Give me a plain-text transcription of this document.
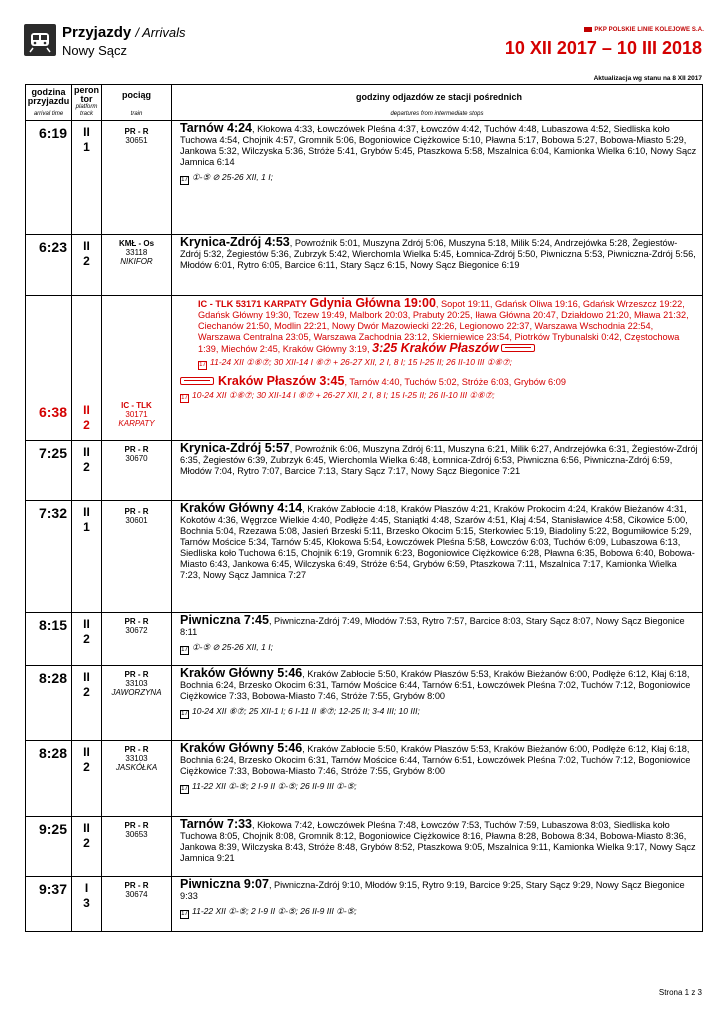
Przyjazdy / Arrivals
Nowy Sącz
PKP POLSKIE LINIE KOLEJOWE S.A.
10 XII 2017 – 10 III 2018
Aktualizacja wg stanu na 8 XII 2017
godzina przyjazdu
arrival time
peron tor
platform track
pociąg
train
godziny odjazdów ze stacji pośrednich
departures from intermediate stops
6:19	II
1
PR - R
30651
Tarnów 4:24, Kłokowa 4:33, Łowczówek Pleśna 4:37, Łowczów 4:42, Tuchów 4:48, Lubaszowa 4:52, Siedliska koło Tuchowa 4:54, Chojnik 4:57, Gromnik 5:06, Bogoniowice Ciężkowice 5:10, Pławna 5:17, Bobowa 5:27, Bobowa-Miasto 5:29, Jankowa 5:32, Wilczyska 5:36, Stróże 5:41, Grybów 5:45, Ptaszkowa 5:58, Mszalnica 6:04, Kamionka Wielka 6:10, Nowy Sącz Jamnica 6:14
17 ①-⑤ ⊘ 25-26 XII, 1 I;
6:23	II
2
KMŁ - Os
33118
NIKIFOR
Krynica-Zdrój 4:53, Powroźnik 5:01, Muszyna Zdrój 5:06, Muszyna 5:18, Milik 5:24, Andrzejówka 5:28, Żegiestów-Zdrój 5:32, Żegiestów 5:36, Zubrzyk 5:42, Wierchomla Wielka 5:45, Łomnica-Zdrój 5:50, Piwniczna 5:53, Piwniczna-Zdrój 5:56, Młodów 6:01, Rytro 6:05, Barcice 6:11, Stary Sącz 6:15, Nowy Sącz Biegonice 6:19
6:38	II
2
IC - TLK
30171
KARPATY
IC - TLK 53171 KARPATY Gdynia Główna 19:00, Sopot 19:11, Gdańsk Oliwa 19:16, Gdańsk Wrzeszcz 19:22, Gdańsk Główny 19:30, Tczew 19:49, Malbork 20:03, Prabuty 20:25, Iława Główna 20:47, Działdowo 21:20, Mława 21:32, Ciechanów 21:50, Modlin 22:21, Nowy Dwór Mazowiecki 22:26, Legionowo 22:37, Warszawa Wschodnia 22:54, Warszawa Centralna 23:05, Warszawa Zachodnia 23:12, Skierniewice 23:54, Piotrków Trybunalski 0:42, Częstochowa 1:39, Miechów 2:45, Kraków Główny 3:19, 3:25 Kraków Płaszów
17 11-24 XII ①⑥⑦; 30 XII-14 I ⑥⑦ + 26-27 XII, 2 I, 8 I; 15 I-25 II; 26 II-10 III ①⑥⑦;
Kraków Płaszów 3:45, Tarnów 4:40, Tuchów 5:02, Stróże 6:03, Grybów 6:09
17 10-24 XII ①⑥⑦; 30 XII-14 I ⑥⑦ + 26-27 XII, 2 I, 8 I; 15 I-25 II; 26 II-10 III ①⑥⑦;
7:25	II
2
PR - R
30670
Krynica-Zdrój 5:57, Powroźnik 6:06, Muszyna Zdrój 6:11, Muszyna 6:21, Milik 6:27, Andrzejówka 6:31, Żegiestów-Zdrój 6:35, Żegiestów 6:39, Zubrzyk 6:45, Wierchomla Wielka 6:48, Łomnica-Zdrój 6:53, Piwniczna 6:56, Piwniczna-Zdrój 6:59, Młodów 7:04, Rytro 7:07, Barcice 7:13, Stary Sącz 7:17, Nowy Sącz Biegonice 7:21
7:32	II
1
PR - R
30601
Kraków Główny 4:14, Kraków Zabłocie 4:18, Kraków Płaszów 4:21, Kraków Prokocim 4:24, Kraków Bieżanów 4:31, Kokotów 4:36, Węgrzce Wielkie 4:40, Podłęże 4:45, Staniątki 4:48, Szarów 4:51, Kłaj 4:54, Stanisławice 4:58, Cikowice 5:00, Bochnia 5:04, Rzezawa 5:08, Jasień Brzeski 5:11, Brzesko Okocim 5:15, Sterkowiec 5:19, Biadoliny 5:22, Bogumiłowice 5:29, Tarnów Mościce 5:34, Tarnów 5:45, Kłokowa 5:54, Łowczówek Pleśna 5:58, Łowczów 6:03, Tuchów 6:09, Lubaszowa 6:13, Siedliska koło Tuchowa 6:15, Chojnik 6:19, Gromnik 6:23, Bogoniowice Ciężkowice 6:28, Pławna 6:35, Bobowa 6:40, Bobowa-Miasto 6:43, Jankowa 6:45, Wilczyska 6:49, Stróże 6:54, Grybów 6:59, Ptaszkowa 7:11, Mszalnica 7:17, Kamionka Wielka 7:23, Nowy Sącz Jamnica 7:27
8:15	II
2
PR - R
30672
Piwniczna 7:45, Piwniczna-Zdrój 7:49, Młodów 7:53, Rytro 7:57, Barcice 8:03, Stary Sącz 8:07, Nowy Sącz Biegonice 8:11
17 ①-⑤ ⊘ 25-26 XII, 1 I;
8:28	II
2
PR - R
33103
JAWORZYNA
Kraków Główny 5:46, Kraków Zabłocie 5:50, Kraków Płaszów 5:53, Kraków Bieżanów 6:00, Podłęże 6:12, Kłaj 6:18, Bochnia 6:24, Brzesko Okocim 6:31, Tarnów Mościce 6:44, Tarnów 6:51, Łowczówek Pleśna 7:02, Tuchów 7:12, Bogoniowice Ciężkowice 7:33, Bobowa-Miasto 7:46, Stróże 7:55, Grybów 8:00
17 10-24 XII ⑥⑦; 25 XII-1 I; 6 I-11 II ⑥⑦; 12-25 II; 3-4 III; 10 III;
8:28	II
2
PR - R
33103
JASKÓŁKA
Kraków Główny 5:46, Kraków Zabłocie 5:50, Kraków Płaszów 5:53, Kraków Bieżanów 6:00, Podłęże 6:12, Kłaj 6:18, Bochnia 6:24, Brzesko Okocim 6:31, Tarnów Mościce 6:44, Tarnów 6:51, Łowczówek Pleśna 7:02, Tuchów 7:12, Bogoniowice Ciężkowice 7:33, Bobowa-Miasto 7:46, Stróże 7:55, Grybów 8:00
17 11-22 XII ①-⑤; 2 I-9 II ①-⑤; 26 II-9 III ①-⑤;
9:25	II
2
PR - R
30653
Tarnów 7:33, Kłokowa 7:42, Łowczówek Pleśna 7:48, Łowczów 7:53, Tuchów 7:59, Lubaszowa 8:03, Siedliska koło Tuchowa 8:05, Chojnik 8:08, Gromnik 8:12, Bogoniowice Ciężkowice 8:16, Pławna 8:28, Bobowa 8:34, Bobowa-Miasto 8:36, Jankowa 8:39, Wilczyska 8:43, Stróże 8:48, Grybów 8:52, Ptaszkowa 9:05, Mszalnica 9:11, Kamionka Wielka 9:17, Nowy Sącz Jamnica 9:21
9:37	I
3
PR - R
30674
Piwniczna 9:07, Piwniczna-Zdrój 9:10, Młodów 9:15, Rytro 9:19, Barcice 9:25, Stary Sącz 9:29, Nowy Sącz Biegonice 9:33
17 11-22 XII ①-⑤; 2 I-9 II ①-⑤; 26 II-9 III ①-⑤;
Strona 1 z 3
